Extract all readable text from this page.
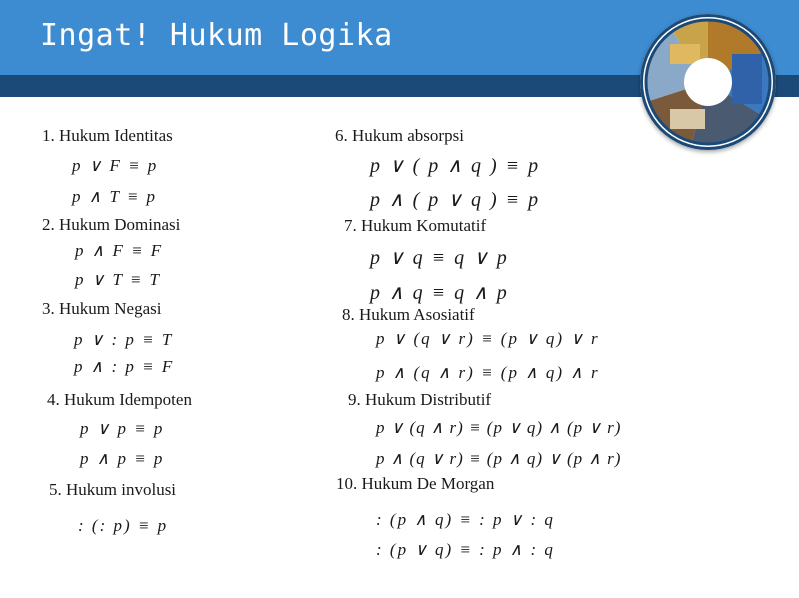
Ingat! Hukum Logika
1. Hukum Identitas
p ∨ F ≡ p
p ∧ T ≡ p
2. Hukum Dominasi
p ∧ F ≡ F
p ∨ T ≡ T
3. Hukum Negasi
p ∨ : p ≡ T
p ∧ : p ≡ F
4. Hukum Idempoten
p ∨ p ≡ p
p ∧ p ≡ p
5. Hukum involusi
: (: p) ≡ p
6. Hukum absorpsi
p ∨ ( p ∧ q ) ≡ p
p ∧ ( p ∨ q ) ≡ p
7. Hukum Komutatif
p ∨ q ≡ q ∨ p
p ∧ q ≡ q ∧ p
8. Hukum Asosiatif
p ∨ (q ∨ r) ≡ (p ∨ q) ∨ r
p ∧ (q ∧ r) ≡ (p ∧ q) ∧ r
9. Hukum Distributif
p ∨ (q ∧ r) ≡ (p ∨ q) ∧ (p ∨ r)
p ∧ (q ∨ r) ≡ (p ∧ q) ∨ (p ∧ r)
10. Hukum De Morgan
: (p ∧ q) ≡ : p ∨ : q
: (p ∨ q) ≡ : p ∧ : q
